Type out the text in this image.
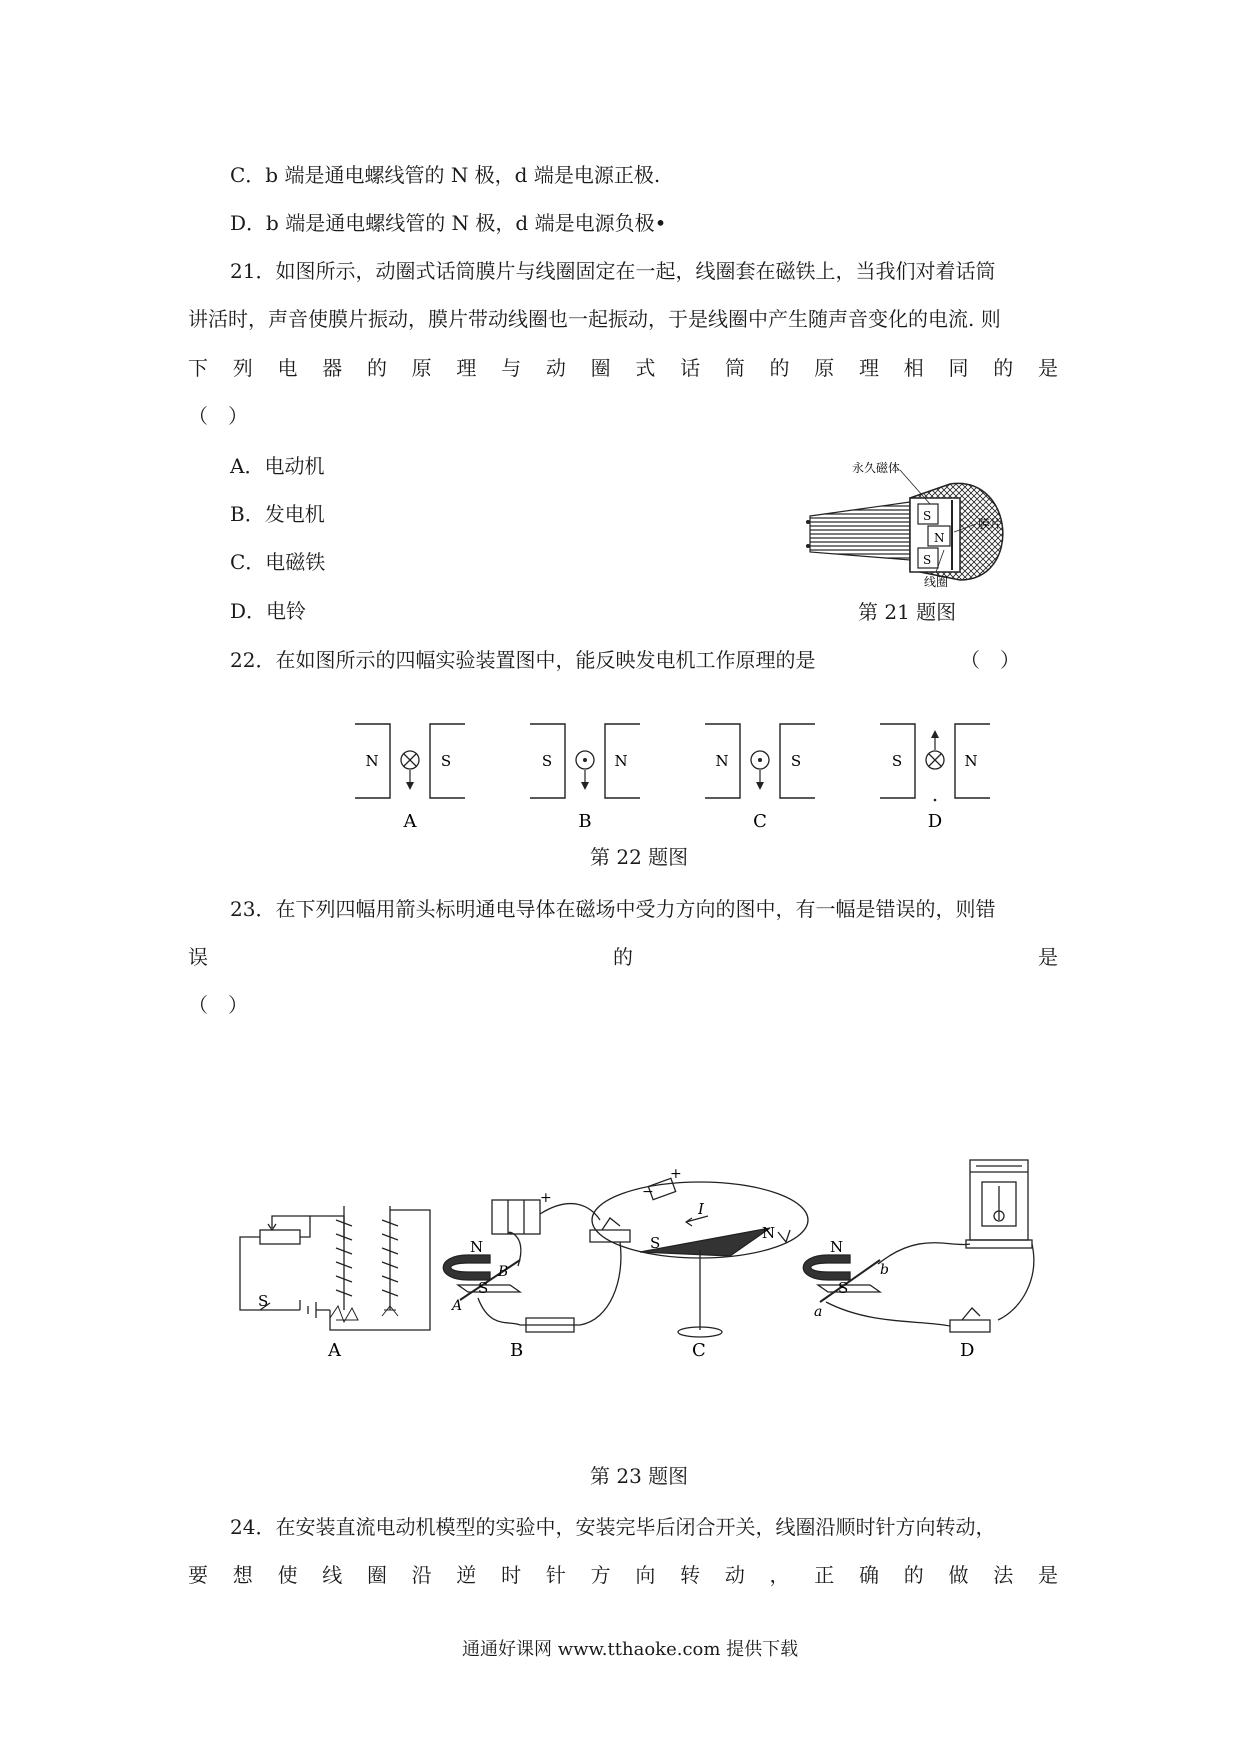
C．b 端是通电螺线管的 N 极，d 端是电源正极.
D．b 端是通电螺线管的 N 极，d 端是电源负极•
21．如图所示，动圈式话筒膜片与线圈固定在一起，线圈套在磁铁上，当我们对着话筒
讲活时，声音使膜片振动，膜片带动线圈也一起振动，于是线圈中产生随声音变化的电流. 则
下 列 电 器 的 原 理 与 动 圈 式 话 筒 的 原 理 相 同 的 是
（　）
A．电动机
B．发电机
C．电磁铁
D．电铃
S
N
S
永久磁体
膜片
线圈
第 21 题图
22．在如图所示的四幅实验装置图中，能反映发电机工作原理的是	（　）
N	S
A
S	N
B
N	S
C
S	N
D
第 22 题图
23．在下列四幅用箭头标明通电导体在磁场中受力方向的图中，有一幅是错误的，则错
误	的	是
（　）
S
A
N
S
B
A
+
B
−
+
I
S
N
C
N
S
b
a
D
第 23 题图
24．在安装直流电动机模型的实验中，安装完毕后闭合开关，线圈沿顺时针方向转动，
要 想 使 线 圈 沿 逆 时 针 方 向 转 动 ， 正 确 的 做 法 是
通通好课网 www.tthaoke.com 提供下载
